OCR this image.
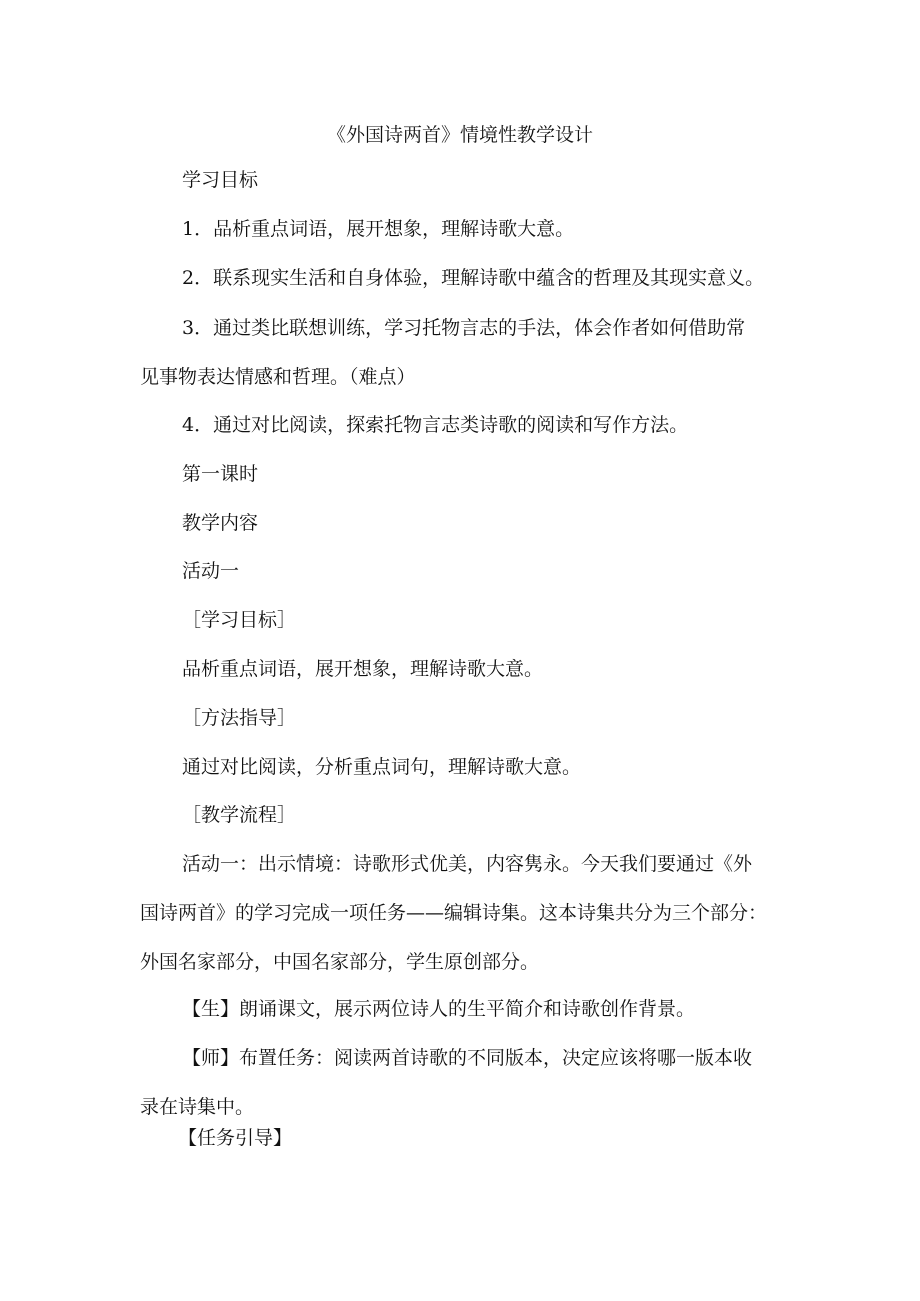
《外国诗两首》情境性教学设计

学习目标

1．品析重点词语，展开想象，理解诗歌大意。

2．联系现实生活和自身体验，理解诗歌中蕴含的哲理及其现实意义。

3．通过类比联想训练，学习托物言志的手法，体会作者如何借助常

见事物表达情感和哲理。（难点）

4．通过对比阅读，探索托物言志类诗歌的阅读和写作方法。

第一课时

教学内容

活动一

［学习目标］

品析重点词语，展开想象，理解诗歌大意。

［方法指导］

通过对比阅读，分析重点词句，理解诗歌大意。

［教学流程］

活动一：出示情境：诗歌形式优美，内容隽永。今天我们要通过《外

国诗两首》的学习完成一项任务——编辑诗集。这本诗集共分为三个部分：

外国名家部分，中国名家部分，学生原创部分。

【生】朗诵课文，展示两位诗人的生平简介和诗歌创作背景。

【师】布置任务：阅读两首诗歌的不同版本，决定应该将哪一版本收

录在诗集中。

【任务引导】
